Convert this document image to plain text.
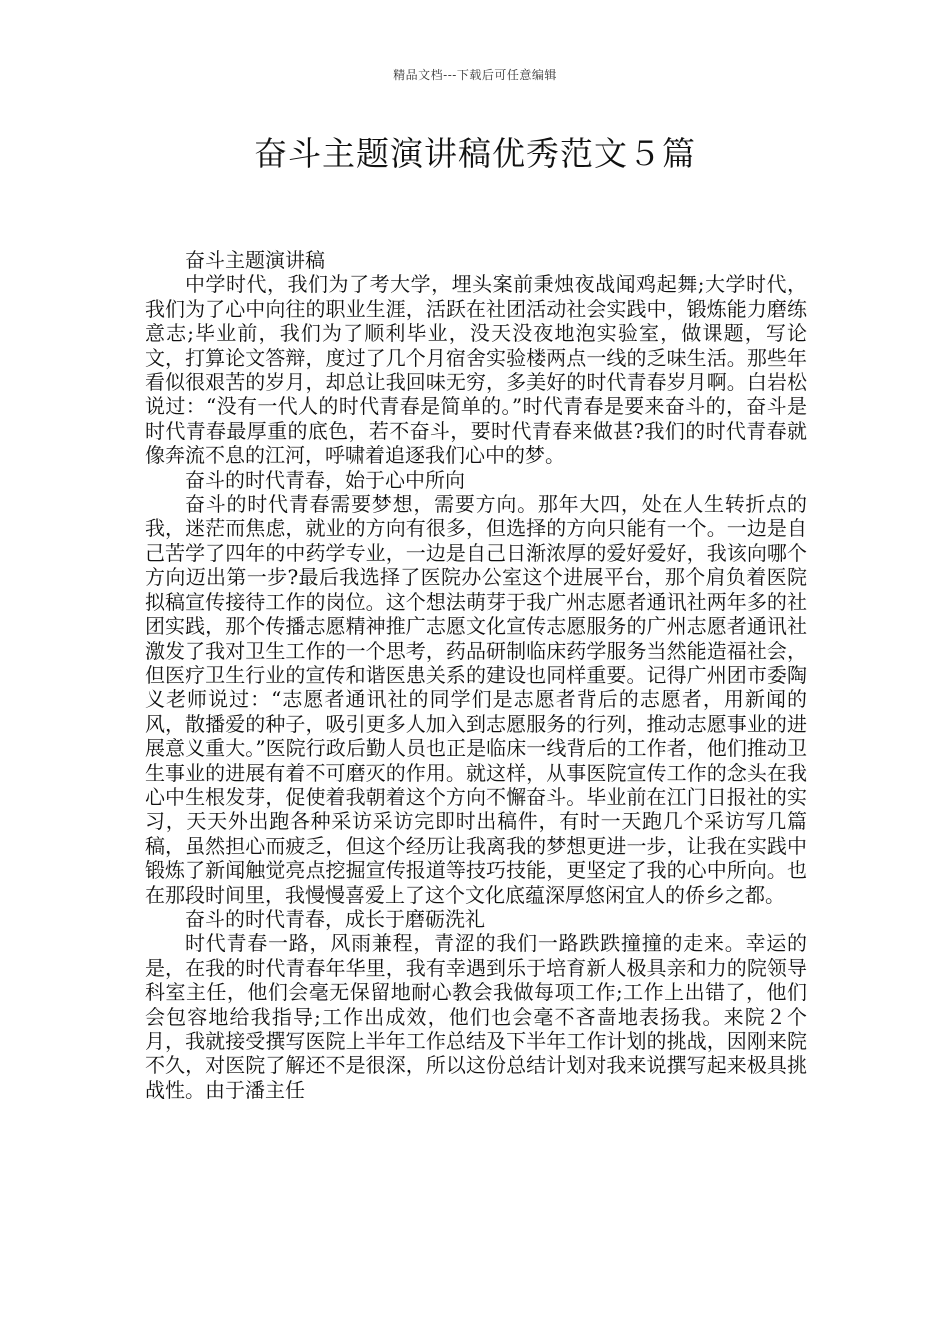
精品文档---下载后可任意编辑
奋斗主题演讲稿优秀范文５篇

奋斗主题演讲稿

中学时代，我们为了考大学，埋头案前秉烛夜战闻鸡起舞;大学时代，我们为了心中向往的职业生涯，活跃在社团活动社会实践中，锻炼能力磨练意志;毕业前，我们为了顺利毕业，没天没夜地泡实验室，做课题，写论文，打算论文答辩，度过了几个月宿舍实验楼两点一线的乏味生活。那些年看似很艰苦的岁月，却总让我回味无穷，多美好的时代青春岁月啊。白岩松说过：“没有一代人的时代青春是简单的。”时代青春是要来奋斗的，奋斗是时代青春最厚重的底色，若不奋斗，要时代青春来做甚?我们的时代青春就像奔流不息的江河，呼啸着追逐我们心中的梦。

奋斗的时代青春，始于心中所向

奋斗的时代青春需要梦想，需要方向。那年大四，处在人生转折点的我，迷茫而焦虑，就业的方向有很多，但选择的方向只能有一个。一边是自己苦学了四年的中药学专业，一边是自己日渐浓厚的爱好爱好，我该向哪个方向迈出第一步?最后我选择了医院办公室这个进展平台，那个肩负着医院拟稿宣传接待工作的岗位。这个想法萌芽于我广州志愿者通讯社两年多的社团实践，那个传播志愿精神推广志愿文化宣传志愿服务的广州志愿者通讯社激发了我对卫生工作的一个思考，药品研制临床药学服务当然能造福社会，但医疗卫生行业的宣传和谐医患关系的建设也同样重要。记得广州团市委陶义老师说过：“志愿者通讯社的同学们是志愿者背后的志愿者，用新闻的风，散播爱的种子，吸引更多人加入到志愿服务的行列，推动志愿事业的进展意义重大。”医院行政后勤人员也正是临床一线背后的工作者，他们推动卫生事业的进展有着不可磨灭的作用。就这样，从事医院宣传工作的念头在我心中生根发芽，促使着我朝着这个方向不懈奋斗。毕业前在江门日报社的实习，天天外出跑各种采访采访完即时出稿件，有时一天跑几个采访写几篇稿，虽然担心而疲乏，但这个经历让我离我的梦想更进一步，让我在实践中锻炼了新闻触觉亮点挖掘宣传报道等技巧技能，更坚定了我的心中所向。也在那段时间里，我慢慢喜爱上了这个文化底蕴深厚悠闲宜人的侨乡之都。

奋斗的时代青春，成长于磨砺洗礼

时代青春一路，风雨兼程，青涩的我们一路跌跌撞撞的走来。幸运的是，在我的时代青春年华里，我有幸遇到乐于培育新人极具亲和力的院领导科室主任，他们会毫无保留地耐心教会我做每项工作;工作上出错了，他们会包容地给我指导;工作出成效，他们也会毫不吝啬地表扬我。来院２个月，我就接受撰写医院上半年工作总结及下半年工作计划的挑战，因刚来院不久，对医院了解还不是很深，所以这份总结计划对我来说撰写起来极具挑战性。由于潘主任
